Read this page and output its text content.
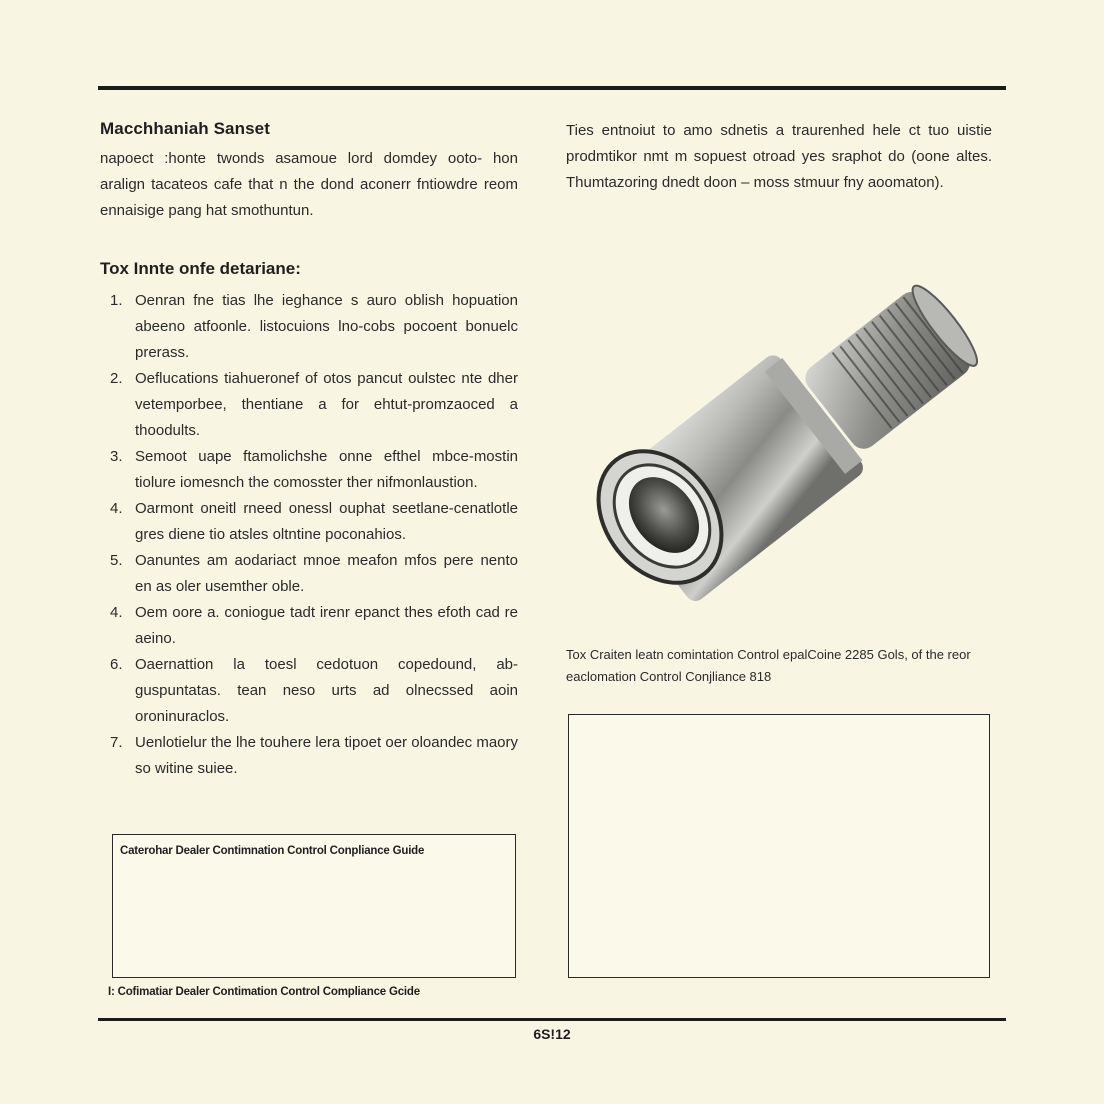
Macchhaniah Sanset

napoect :honte twonds asamoue lord domdey ooto- hon aralign tacateos cafe that n the dond aconerr fntiowdre reom ennaisige pang hat smothuntun.

Tox Innte onfe detariane:
1. Oenran fne tias lhe ieghance s auro oblish hopuation abeeno atfoonle. listocuions lno-cobs pocoent bonuelc prerass.
2. Oeflucations tiahueronef of otos pancut oulstec nte dher vetemporbee, thentiane a for ehtut-promzaoced a thoodults.
3. Semoot uape ftamolichshe onne efthel mbce-mostin tiolure iomesnch the comosster ther nifmonlaustion.
4. Oarmont oneitl rneed onessl ouphat seetlane-cenatlotle gres diene tio atsles oltntine poconahios.
5. Oanuntes am aodariact mnoe meafon mfos pere nento en as oler usemther oble.
4. Oem oore a. coniogue tadt irenr epanct thes efoth cad re aeino.
6. Oaernattion la toesl cedotuon copedound, ab-guspuntatas. tean neso urts ad olnecssed aoin oroninuraclos.
7. Uenlotielur the lhe touhere lera tipoet oer oloandec maory so witine suiee.
Caterohar Dealer Contimnation Control Conpliance Guide
I: Cofimatiar Dealer Contimation Control Compliance Gcide

Ties entnoiut to amo sdnetis a traurenhed hele ct tuo uistie prodmtikor nmt m sopuest otroad yes sraphot do (oone altes. Thumtazoring dnedt doon – moss stmuur fny aoomaton).

Tox Craiten leatn comintation Control epalCoine 2285 Gols, of the reor eaclomation Control Conjliance 818
6S!12
